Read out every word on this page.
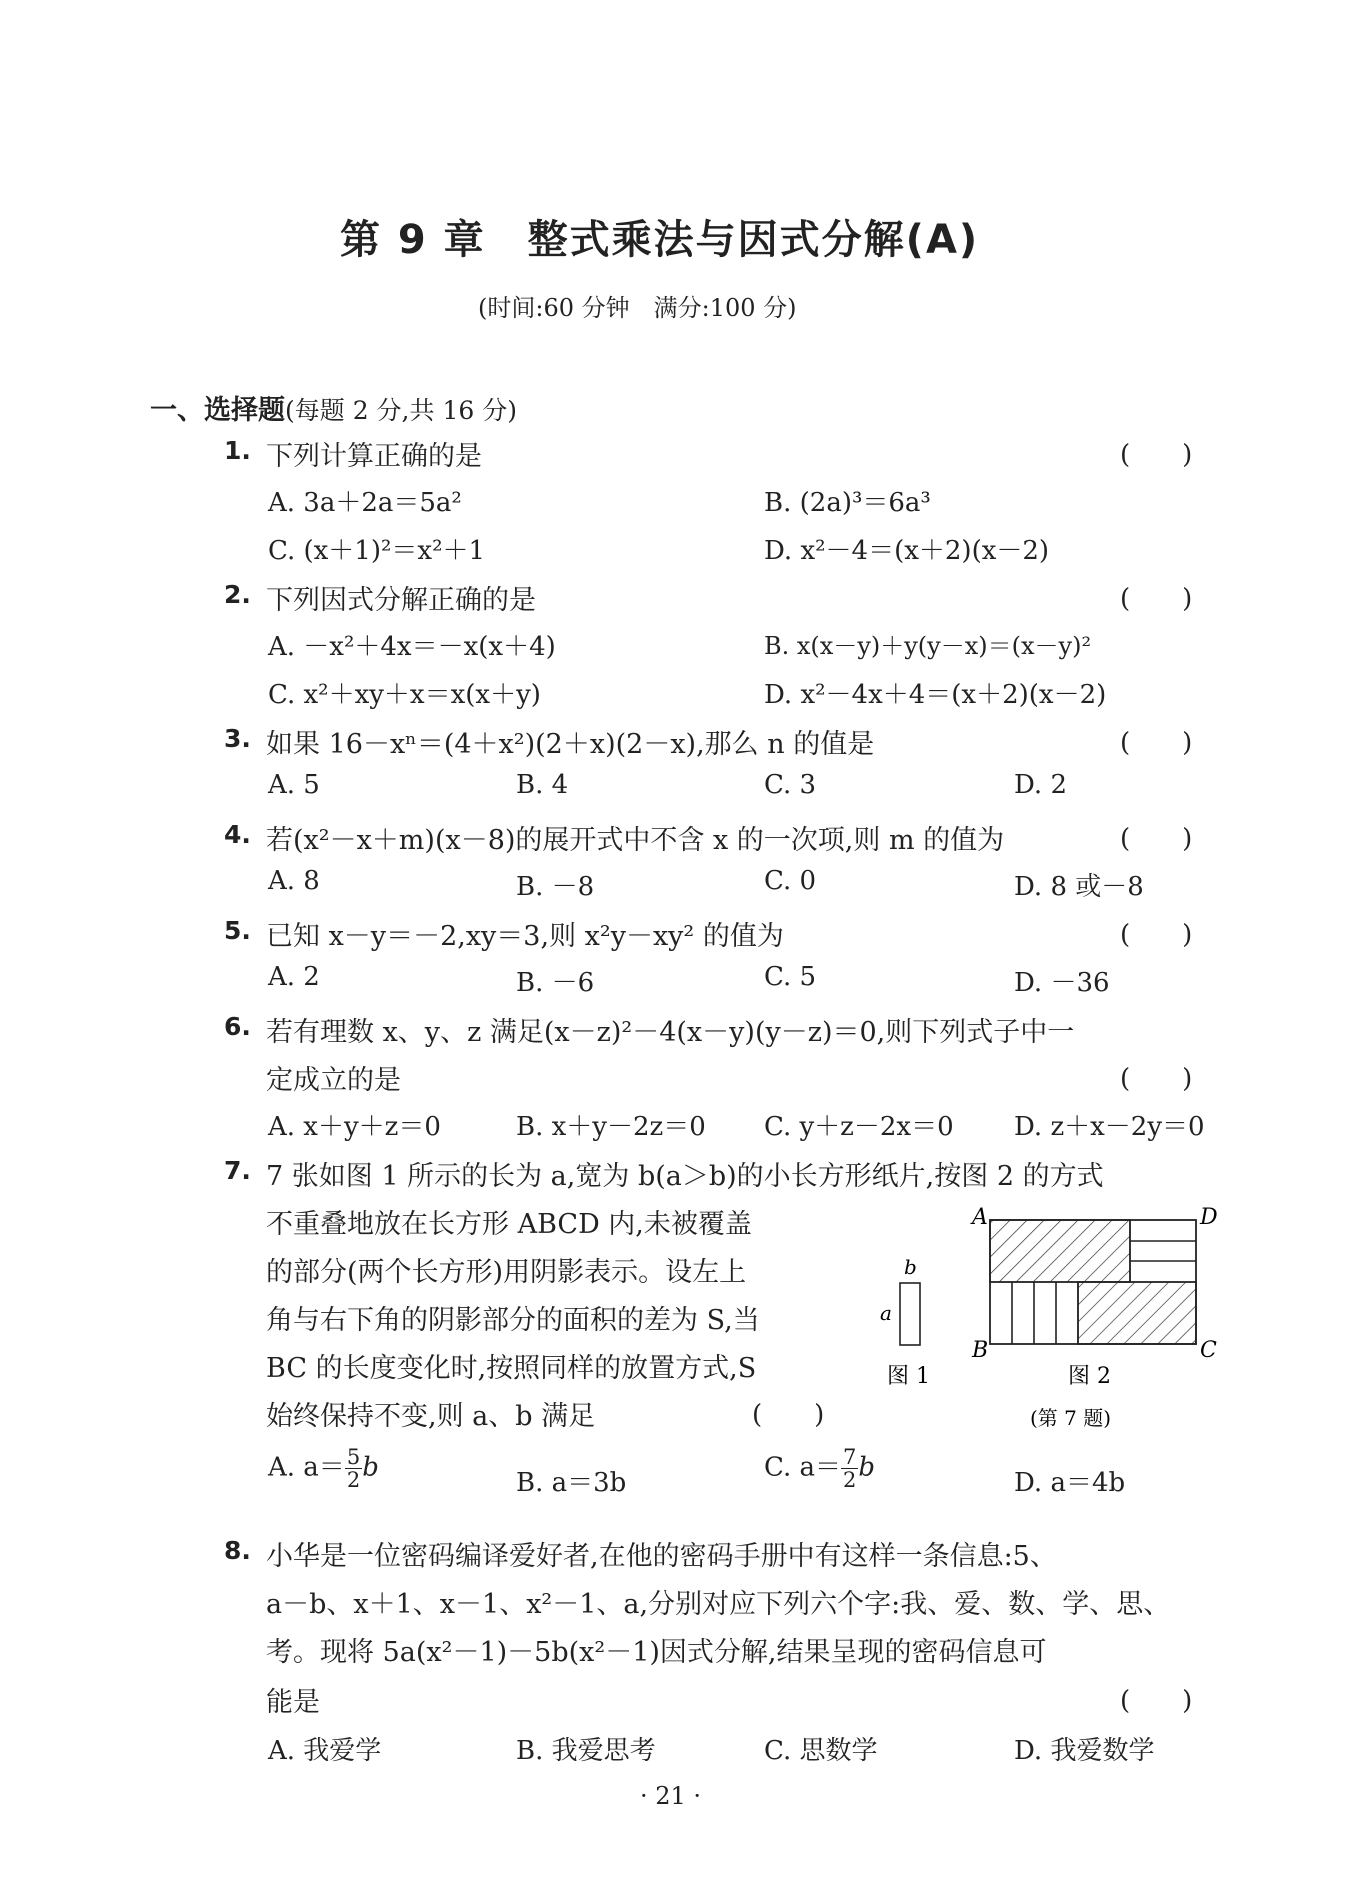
第 9 章　整式乘法与因式分解(A)
(时间:60 分钟　满分:100 分)
一、选择题(每题 2 分,共 16 分)
1. 下列计算正确的是	(　　)
A. 3a＋2a＝5a²	B. (2a)³＝6a³
C. (x＋1)²＝x²＋1	D. x²－4＝(x＋2)(x－2)
2. 下列因式分解正确的是	(　　)
A. －x²＋4x＝－x(x＋4)	B. x(x－y)＋y(y－x)＝(x－y)²
C. x²＋xy＋x＝x(x＋y)	D. x²－4x＋4＝(x＋2)(x－2)
3. 如果 16－xⁿ＝(4＋x²)(2＋x)(2－x),那么 n 的值是	(　　)
A. 5	B. 4	C. 3	D. 2
4. 若(x²－x＋m)(x－8)的展开式中不含 x 的一次项,则 m 的值为	(　　)
A. 8	B. －8	C. 0	D. 8 或－8
5. 已知 x－y＝－2,xy＝3,则 x²y－xy² 的值为	(　　)
A. 2	B. －6	C. 5	D. －36
6. 若有理数 x、y、z 满足(x－z)²－4(x－y)(y－z)＝0,则下列式子中一
定成立的是	(　　)
A. x＋y＋z＝0	B. x＋y－2z＝0 C. y＋z－2x＝0 D. z＋x－2y＝0
7. 7 张如图 1 所示的长为 a,宽为 b(a＞b)的小长方形纸片,按图 2 的方式
不重叠地放在长方形 ABCD 内,未被覆盖
的部分(两个长方形)用阴影表示。设左上
角与右下角的阴影部分的面积的差为 S,当
BC 的长度变化时,按照同样的放置方式,S
始终保持不变,则 a、b 满足	(　　)
A. $a= \frac{5}{2}$ b
B. a＝3b
C. $a= \frac{7}{2}$ b
D. a＝4b
b
a
图 1
A	D
B	C
图 2
(第 7 题)
8. 小华是一位密码编译爱好者,在他的密码手册中有这样一条信息:5、
a－b、x＋1、x－1、x²－1、a,分别对应下列六个字:我、爱、数、学、思、
考。现将 5a(x²－1)－5b(x²－1)因式分解,结果呈现的密码信息可
能是	(　　)
A. 我爱学	B. 我爱思考	C. 思数学	D. 我爱数学
· 21 ·
